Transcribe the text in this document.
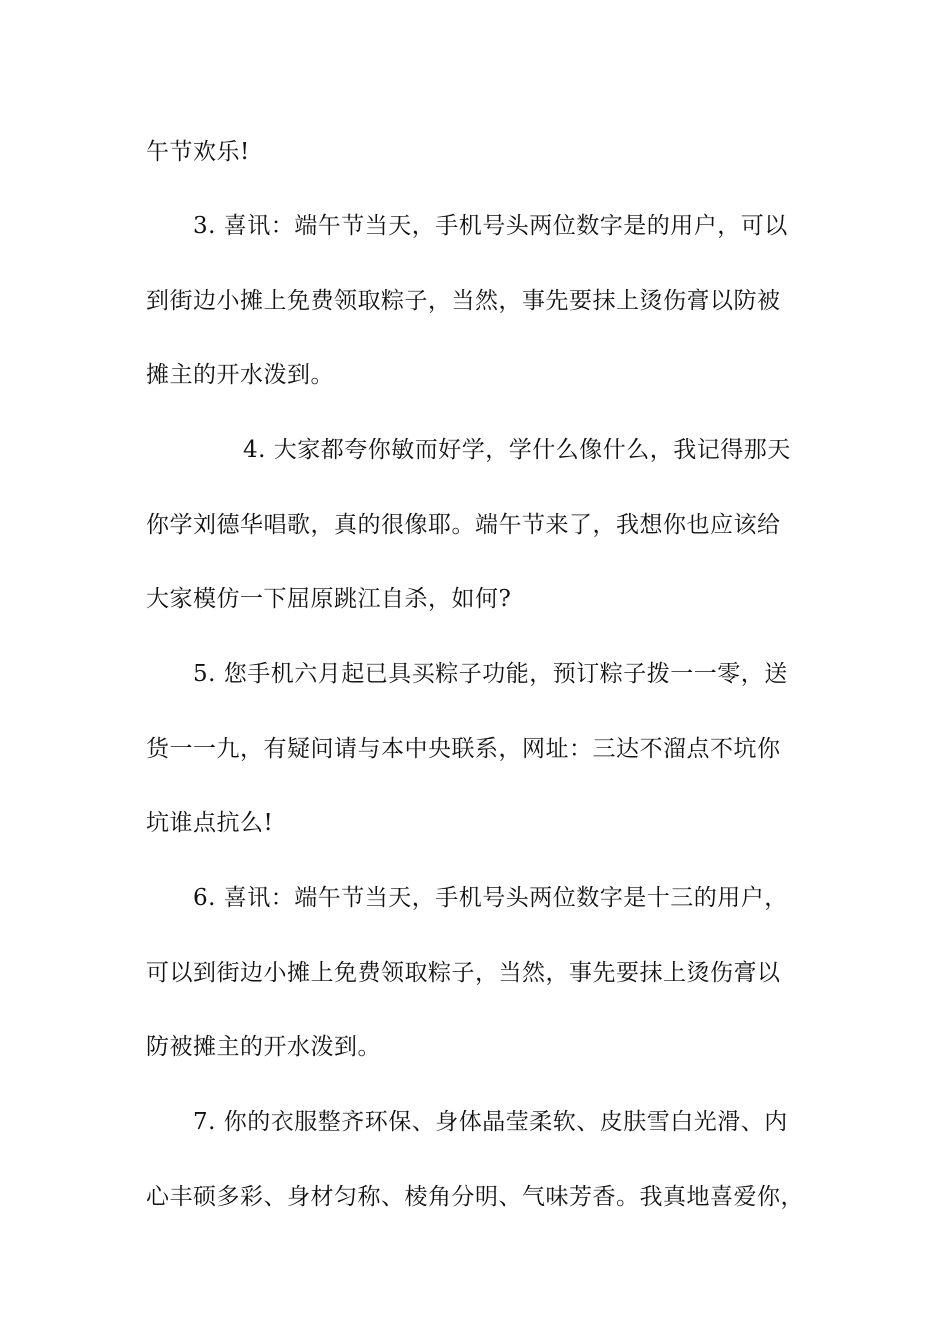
午节欢乐!
3. 喜讯：端午节当天，手机号头两位数字是的用户，可以
到街边小摊上免费领取粽子，当然，事先要抹上烫伤膏以防被
摊主的开水泼到。
4. 大家都夸你敏而好学，学什么像什么，我记得那天
你学刘德华唱歌，真的很像耶。端午节来了，我想你也应该给
大家模仿一下屈原跳江自杀，如何?
5. 您手机六月起已具买粽子功能，预订粽子拨一一零，送
货一一九，有疑问请与本中央联系，网址：三达不溜点不坑你
坑谁点抗么!
6. 喜讯：端午节当天，手机号头两位数字是十三的用户，
可以到街边小摊上免费领取粽子，当然，事先要抹上烫伤膏以
防被摊主的开水泼到。
7. 你的衣服整齐环保、身体晶莹柔软、皮肤雪白光滑、内
心丰硕多彩、身材匀称、棱角分明、气味芳香。我真地喜爱你，
